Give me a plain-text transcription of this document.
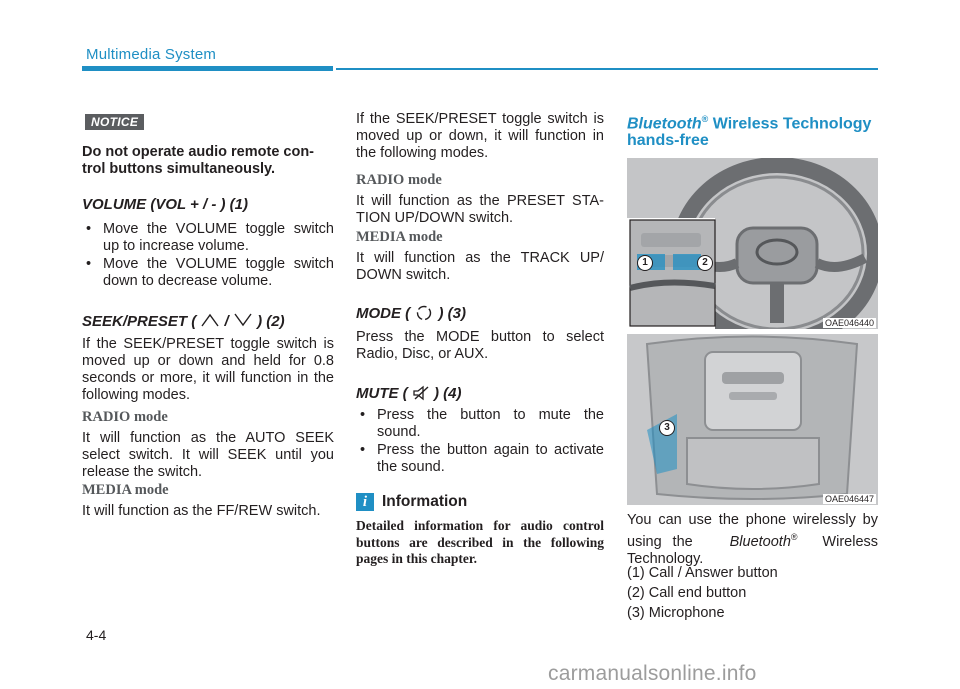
Multimedia System
NOTICE
Do not operate audio remote con-trol buttons simultaneously.
VOLUME (VOL + / - ) (1)
• Move the VOLUME toggle switch up to increase volume.
• Move the VOLUME toggle switch down to decrease volume.
SEEK/PRESET ( / ) (2)

If the SEEK/PRESET toggle switch is moved up or down and held for 0.8 seconds or more, it will function in the following modes.

RADIO mode

It will function as the AUTO SEEK select switch. It will SEEK until you release the switch.

MEDIA mode

It will function as the FF/REW switch.

If the SEEK/PRESET toggle switch is moved up or down, it will function in the following modes.

RADIO mode

It will function as the PRESET STA-TION UP/DOWN switch.

MEDIA mode

It will function as the TRACK UP/ DOWN switch.

MODE ( ) (3)

Press the MODE button to select Radio, Disc, or AUX.

MUTE ( ) (4)
• Press the button to mute the sound.
• Press the button again to activate the sound.
i Information
Detailed information for audio control buttons are described in the following pages in this chapter.
Bluetooth® Wireless Technology hands-free
1	2
OAE046440
3
OAE046447

You can use the phone wirelessly by using the	Bluetooth® Wireless Technology.

(1) Call / Answer button

(2) Call end button

(3) Microphone

4-4
carmanualsonline.info
